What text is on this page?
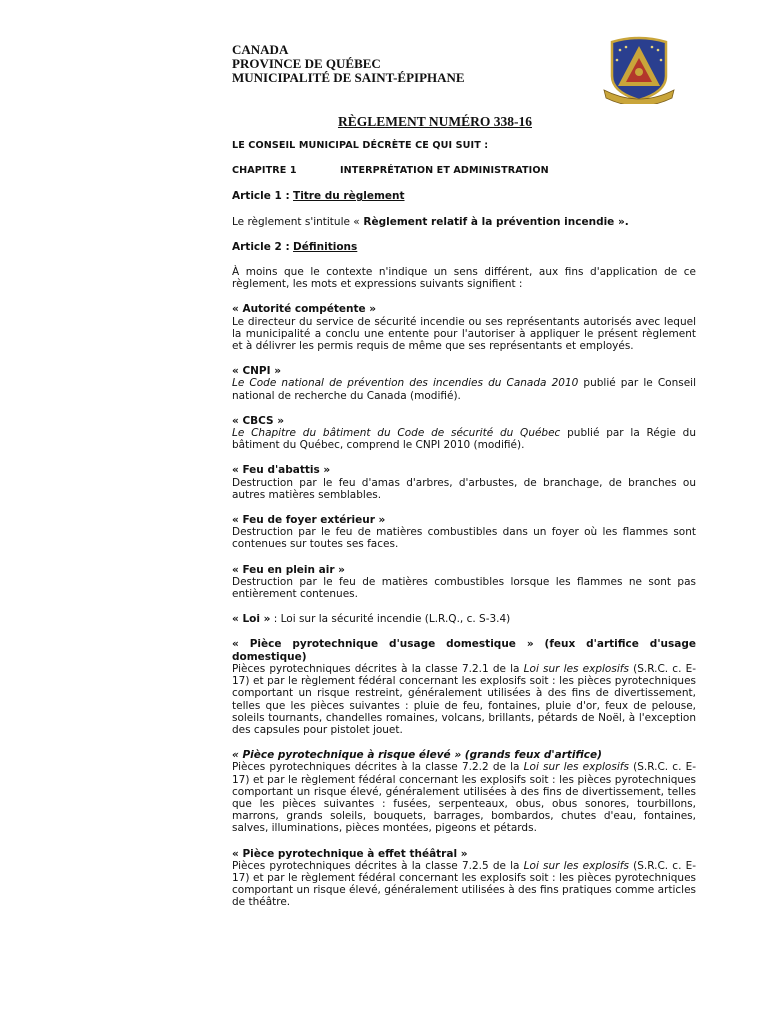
CANADA
PROVINCE DE QUÉBEC
MUNICIPALITÉ DE SAINT-ÉPIPHANE
RÈGLEMENT NUMÉRO 338-16

LE CONSEIL MUNICIPAL DÉCRÈTE CE QUI SUIT :

CHAPITRE 1	INTERPRÉTATION ET ADMINISTRATION

Article 1 : Titre du règlement

Le règlement s'intitule « Règlement relatif à la prévention incendie ».

Article 2 : Définitions

À moins que le contexte n'indique un sens différent, aux fins d'application de ce règlement, les mots et expressions suivants signifient :

« Autorité compétente »
Le directeur du service de sécurité incendie ou ses représentants autorisés avec lequel la municipalité a conclu une entente pour l'autoriser à appliquer le présent règlement et à délivrer les permis requis de même que ses représentants et employés.

« CNPI »
Le Code national de prévention des incendies du Canada 2010 publié par le Conseil national de recherche du Canada (modifié).

« CBCS »
Le Chapitre du bâtiment du Code de sécurité du Québec publié par la Régie du bâtiment du Québec, comprend le CNPI 2010 (modifié).

« Feu d'abattis »
Destruction par le feu d'amas d'arbres, d'arbustes, de branchage, de branches ou autres matières semblables.

« Feu de foyer extérieur »
Destruction par le feu de matières combustibles dans un foyer où les flammes sont contenues sur toutes ses faces.

« Feu en plein air »
Destruction par le feu de matières combustibles lorsque les flammes ne sont pas entièrement contenues.

« Loi » : Loi sur la sécurité incendie (L.R.Q., c. S-3.4)

« Pièce pyrotechnique d'usage domestique » (feux d'artifice d'usage domestique)
Pièces pyrotechniques décrites à la classe 7.2.1 de la Loi sur les explosifs (S.R.C. c. E-17) et par le règlement fédéral concernant les explosifs soit : les pièces pyrotechniques comportant un risque restreint, généralement utilisées à des fins de divertissement, telles que les pièces suivantes : pluie de feu, fontaines, pluie d'or, feux de pelouse, soleils tournants, chandelles romaines, volcans, brillants, pétards de Noël, à l'exception des capsules pour pistolet jouet.

« Pièce pyrotechnique à risque élevé » (grands feux d'artifice)
Pièces pyrotechniques décrites à la classe 7.2.2 de la Loi sur les explosifs (S.R.C. c. E-17) et par le règlement fédéral concernant les explosifs soit : les pièces pyrotechniques comportant un risque élevé, généralement utilisées à des fins de divertissement, telles que les pièces suivantes : fusées, serpenteaux, obus, obus sonores, tourbillons, marrons, grands soleils, bouquets, barrages, bombardos, chutes d'eau, fontaines, salves, illuminations, pièces montées, pigeons et pétards.

« Pièce pyrotechnique à effet théâtral »
Pièces pyrotechniques décrites à la classe 7.2.5 de la Loi sur les explosifs (S.R.C. c. E-17) et par le règlement fédéral concernant les explosifs soit : les pièces pyrotechniques comportant un risque élevé, généralement utilisées à des fins pratiques comme articles de théâtre.
